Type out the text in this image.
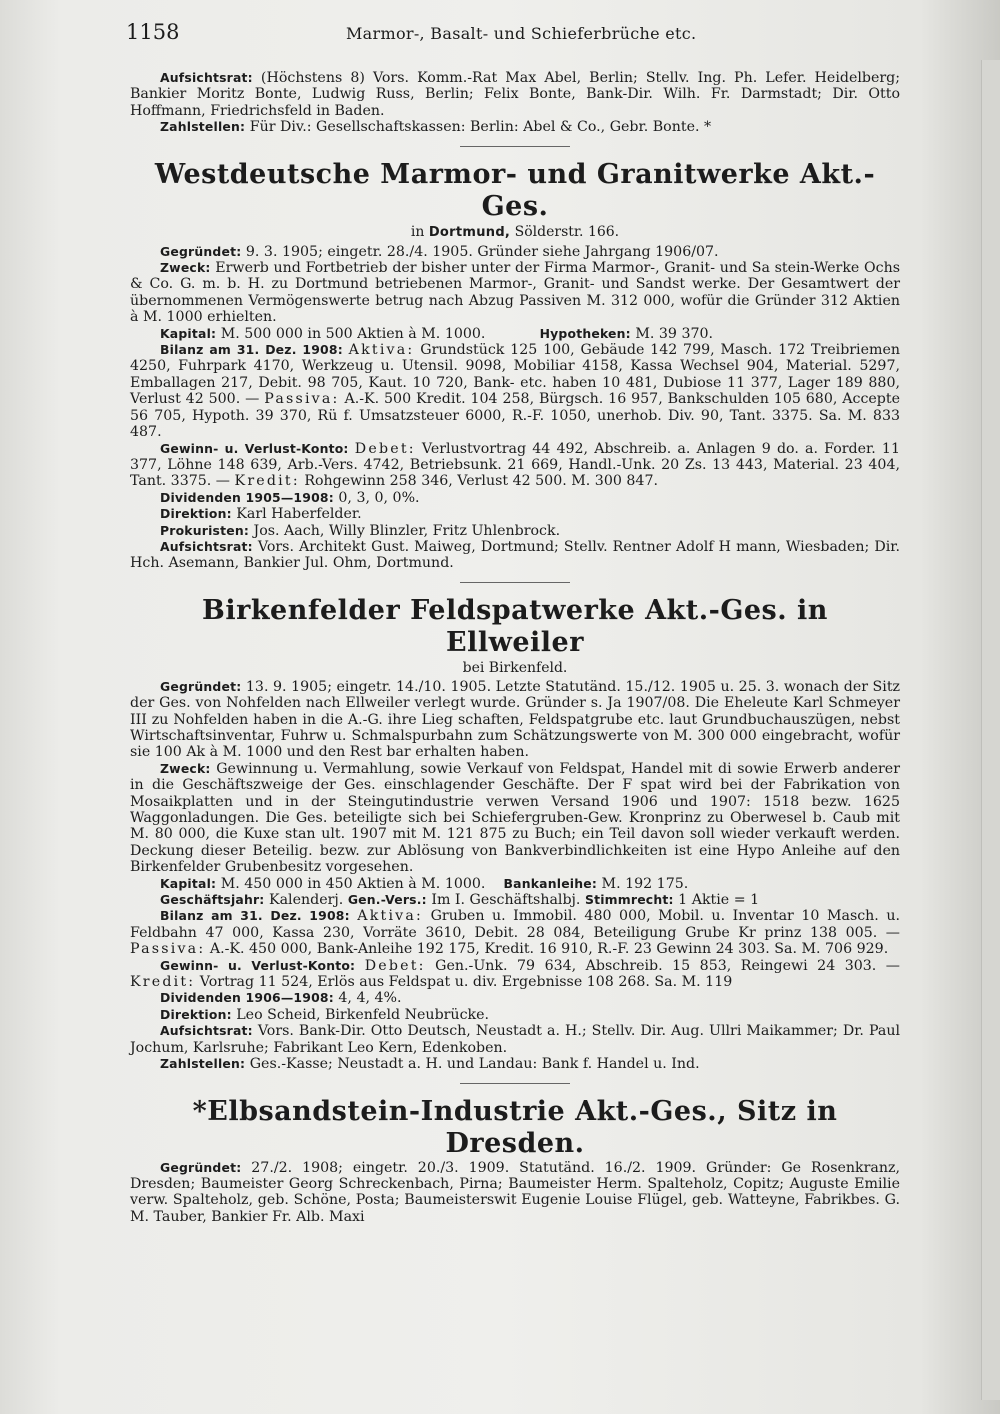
1158	Marmor-, Basalt- und Schieferbrüche etc.

Aufsichtsrat: (Höchstens 8) Vors. Komm.-Rat Max Abel, Berlin; Stellv. Ing. Ph. Lefer. Heidelberg; Bankier Moritz Bonte, Ludwig Russ, Berlin; Felix Bonte, Bank-Dir. Wilh. Fr. Darmstadt; Dir. Otto Hoffmann, Friedrichsfeld in Baden.

Zahlstellen: Für Div.: Gesellschaftskassen: Berlin: Abel & Co., Gebr. Bonte. *

Westdeutsche Marmor- und Granitwerke Akt.-Ges.

in Dortmund, Sölderstr. 166.

Gegründet: 9. 3. 1905; eingetr. 28./4. 1905. Gründer siehe Jahrgang 1906/07.

Zweck: Erwerb und Fortbetrieb der bisher unter der Firma Marmor-, Granit- und Sa stein-Werke Ochs & Co. G. m. b. H. zu Dortmund betriebenen Marmor-, Granit- und Sandst werke. Der Gesamtwert der übernommenen Vermögenswerte betrug nach Abzug Passiven M. 312 000, wofür die Gründer 312 Aktien à M. 1000 erhielten.

Kapital: M. 500 000 in 500 Aktien à M. 1000.	Hypotheken: M. 39 370.

Bilanz am 31. Dez. 1908: Aktiva: Grundstück 125 100, Gebäude 142 799, Masch. 172 Treibriemen 4250, Fuhrpark 4170, Werkzeug u. Utensil. 9098, Mobiliar 4158, Kassa Wechsel 904, Material. 5297, Emballagen 217, Debit. 98 705, Kaut. 10 720, Bank- etc. haben 10 481, Dubiose 11 377, Lager 189 880, Verlust 42 500. — Passiva: A.-K. 500 Kredit. 104 258, Bürgsch. 16 957, Bankschulden 105 680, Accepte 56 705, Hypoth. 39 370, Rü f. Umsatzsteuer 6000, R.-F. 1050, unerhob. Div. 90, Tant. 3375. Sa. M. 833 487.

Gewinn- u. Verlust-Konto: Debet: Verlustvortrag 44 492, Abschreib. a. Anlagen 9 do. a. Forder. 11 377, Löhne 148 639, Arb.-Vers. 4742, Betriebsunk. 21 669, Handl.-Unk. 20 Zs. 13 443, Material. 23 404, Tant. 3375. — Kredit: Rohgewinn 258 346, Verlust 42 500. M. 300 847.

Dividenden 1905—1908: 0, 3, 0, 0%.

Direktion: Karl Haberfelder.

Prokuristen: Jos. Aach, Willy Blinzler, Fritz Uhlenbrock.

Aufsichtsrat: Vors. Architekt Gust. Maiweg, Dortmund; Stellv. Rentner Adolf H mann, Wiesbaden; Dir. Hch. Asemann, Bankier Jul. Ohm, Dortmund.

Birkenfelder Feldspatwerke Akt.-Ges. in Ellweiler

bei Birkenfeld.

Gegründet: 13. 9. 1905; eingetr. 14./10. 1905. Letzte Statutänd. 15./12. 1905 u. 25. 3. wonach der Sitz der Ges. von Nohfelden nach Ellweiler verlegt wurde. Gründer s. Ja 1907/08. Die Eheleute Karl Schmeyer III zu Nohfelden haben in die A.-G. ihre Lieg schaften, Feldspatgrube etc. laut Grundbuchauszügen, nebst Wirtschaftsinventar, Fuhrw u. Schmalspurbahn zum Schätzungswerte von M. 300 000 eingebracht, wofür sie 100 Ak à M. 1000 und den Rest bar erhalten haben.

Zweck: Gewinnung u. Vermahlung, sowie Verkauf von Feldspat, Handel mit di sowie Erwerb anderer in die Geschäftszweige der Ges. einschlagender Geschäfte. Der F spat wird bei der Fabrikation von Mosaikplatten und in der Steingutindustrie verwen Versand 1906 und 1907: 1518 bezw. 1625 Waggonladungen. Die Ges. beteiligte sich bei Schiefergruben-Gew. Kronprinz zu Oberwesel b. Caub mit M. 80 000, die Kuxe stan ult. 1907 mit M. 121 875 zu Buch; ein Teil davon soll wieder verkauft werden. Deckung dieser Beteilig. bezw. zur Ablösung von Bankverbindlichkeiten ist eine Hypo Anleihe auf den Birkenfelder Grubenbesitz vorgesehen.

Kapital: M. 450 000 in 450 Aktien à M. 1000. Bankanleihe: M. 192 175.

Geschäftsjahr: Kalenderj. Gen.-Vers.: Im I. Geschäftshalbj. Stimmrecht: 1 Aktie = 1

Bilanz am 31. Dez. 1908: Aktiva: Gruben u. Immobil. 480 000, Mobil. u. Inventar 10 Masch. u. Feldbahn 47 000, Kassa 230, Vorräte 3610, Debit. 28 084, Beteiligung Grube Kr prinz 138 005. — Passiva: A.-K. 450 000, Bank-Anleihe 192 175, Kredit. 16 910, R.-F. 23 Gewinn 24 303. Sa. M. 706 929.

Gewinn- u. Verlust-Konto: Debet: Gen.-Unk. 79 634, Abschreib. 15 853, Reingewi 24 303. — Kredit: Vortrag 11 524, Erlös aus Feldspat u. div. Ergebnisse 108 268. Sa. M. 119

Dividenden 1906—1908: 4, 4, 4%.

Direktion: Leo Scheid, Birkenfeld Neubrücke.

Aufsichtsrat: Vors. Bank-Dir. Otto Deutsch, Neustadt a. H.; Stellv. Dir. Aug. Ullri Maikammer; Dr. Paul Jochum, Karlsruhe; Fabrikant Leo Kern, Edenkoben.

Zahlstellen: Ges.-Kasse; Neustadt a. H. und Landau: Bank f. Handel u. Ind.

*Elbsandstein-Industrie Akt.-Ges., Sitz in Dresden.

Gegründet: 27./2. 1908; eingetr. 20./3. 1909. Statutänd. 16./2. 1909. Gründer: Ge Rosenkranz, Dresden; Baumeister Georg Schreckenbach, Pirna; Baumeister Herm. Spalteholz, Copitz; Auguste Emilie verw. Spalteholz, geb. Schöne, Posta; Baumeisterswit Eugenie Louise Flügel, geb. Watteyne, Fabrikbes. G. M. Tauber, Bankier Fr. Alb. Maxi
